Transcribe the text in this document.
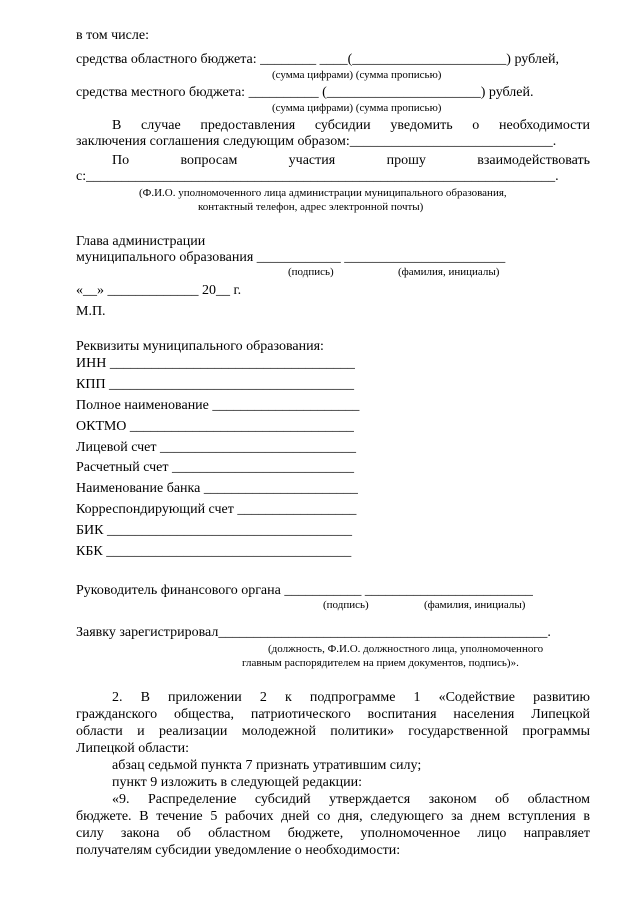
в том числе:
средства областного бюджета: ________ ____(______________________) рублей,
(сумма цифрами) (сумма прописью)
средства местного бюджета: __________ (______________________) рублей.
(сумма цифрами) (сумма прописью)
В случае предоставления субсидии уведомить о необходимости
заключения соглашения следующим образом:_____________________________.
По вопросам участия прошу взаимодействовать
с:___________________________________________________________________.
(Ф.И.О. уполномоченного лица администрации муниципального образования,
контактный телефон, адрес электронной почты)
Глава администрации
муниципального образования ____________ _______________________
(подпись)	(фамилия, инициалы)
«__» _____________ 20__ г.
М.П.
Реквизиты муниципального образования:
ИНН ___________________________________
КПП ___________________________________
Полное наименование _____________________
ОКТМО ________________________________
Лицевой счет ____________________________
Расчетный счет __________________________
Наименование банка ______________________
Корреспондирующий счет _________________
БИК ___________________________________
КБК ___________________________________
Руководитель финансового органа ___________ ________________________
(подпись)	(фамилия, инициалы)
Заявку зарегистрировал_______________________________________________.
(должность, Ф.И.О. должностного лица, уполномоченного
главным распорядителем на прием документов, подпись)».
2. В приложении 2 к подпрограмме 1 «Содействие развитию
гражданского общества, патриотического воспитания населения Липецкой
области и реализации молодежной политики» государственной программы
Липецкой области:
абзац седьмой пункта 7 признать утратившим силу;
пункт 9 изложить в следующей редакции:
«9. Распределение субсидий утверждается законом об областном
бюджете. В течение 5 рабочих дней со дня, следующего за днем вступления в
силу закона об областном бюджете, уполномоченное лицо направляет
получателям субсидии уведомление о необходимости:
